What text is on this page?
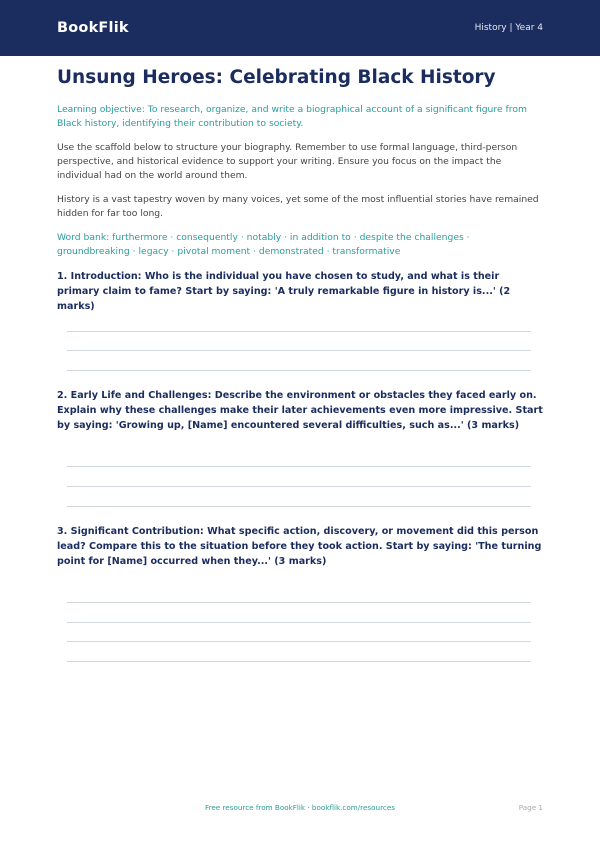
BookFlik	History | Year 4
Unsung Heroes: Celebrating Black History
Learning objective: To research, organize, and write a biographical account of a significant figure from Black history, identifying their contribution to society.
Use the scaffold below to structure your biography. Remember to use formal language, third-person perspective, and historical evidence to support your writing. Ensure you focus on the impact the individual had on the world around them.
History is a vast tapestry woven by many voices, yet some of the most influential stories have remained hidden for far too long.
Word bank: furthermore · consequently · notably · in addition to · despite the challenges · groundbreaking · legacy · pivotal moment · demonstrated · transformative
1. Introduction: Who is the individual you have chosen to study, and what is their primary claim to fame? Start by saying: 'A truly remarkable figure in history is...' (2 marks)
2. Early Life and Challenges: Describe the environment or obstacles they faced early on. Explain why these challenges make their later achievements even more impressive. Start by saying: 'Growing up, [Name] encountered several difficulties, such as...' (3 marks)
3. Significant Contribution: What specific action, discovery, or movement did this person lead? Compare this to the situation before they took action. Start by saying: 'The turning point for [Name] occurred when they...' (3 marks)
Free resource from BookFlik · bookflik.com/resources	Page 1
